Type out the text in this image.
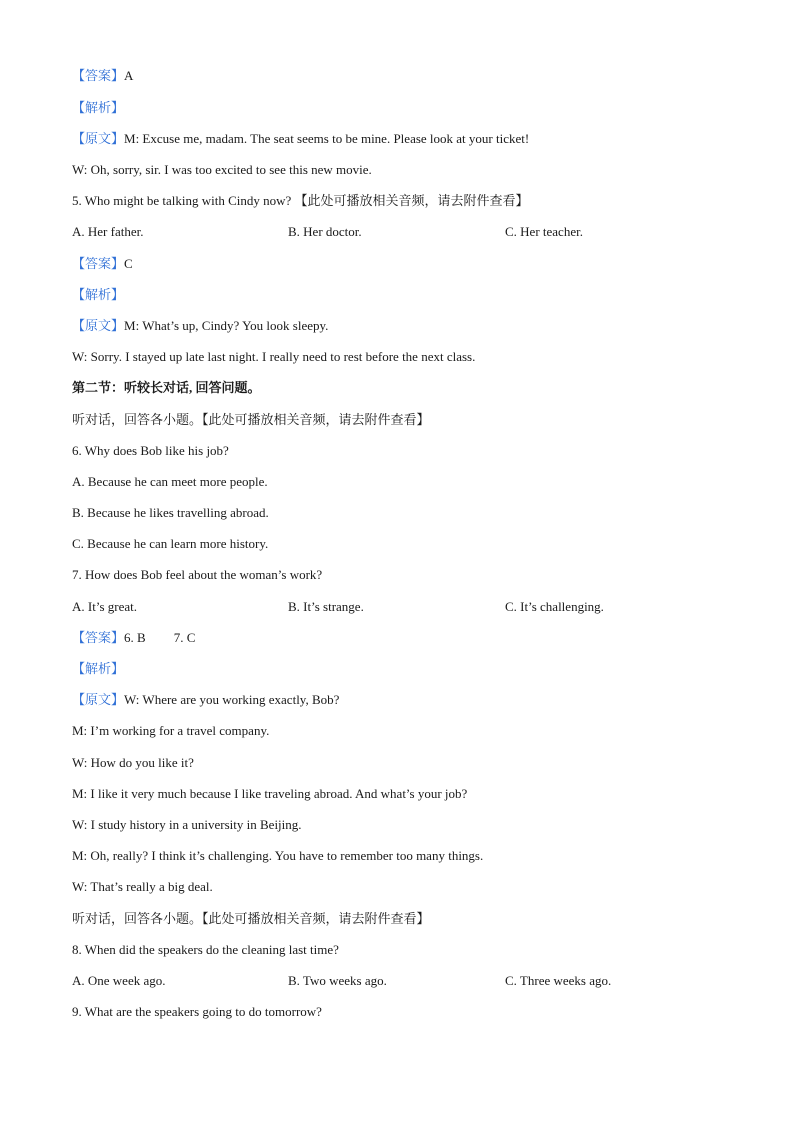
【答案】A
【解析】
【原文】M: Excuse me, madam. The seat seems to be mine. Please look at your ticket!
W: Oh, sorry, sir. I was too excited to see this new movie.
5. Who might be talking with Cindy now? 【此处可播放相关音频，请去附件查看】
A. Her father.	B. Her doctor.	C. Her teacher.
【答案】C
【解析】
【原文】M: What’s up, Cindy? You look sleepy.
W: Sorry. I stayed up late last night. I really need to rest before the next class.
第二节：听较长对话, 回答问题。
听对话，回答各小题。【此处可播放相关音频，请去附件查看】
6. Why does Bob like his job?
A. Because he can meet more people.
B. Because he likes travelling abroad.
C. Because he can learn more history.
7. How does Bob feel about the woman’s work?
A. It’s great.	B. It’s strange.	C. It’s challenging.
【答案】6. B 7. C
【解析】
【原文】W: Where are you working exactly, Bob?
M: I’m working for a travel company.
W: How do you like it?
M: I like it very much because I like traveling abroad. And what’s your job?
W: I study history in a university in Beijing.
M: Oh, really? I think it’s challenging. You have to remember too many things.
W: That’s really a big deal.
听对话，回答各小题。【此处可播放相关音频，请去附件查看】
8. When did the speakers do the cleaning last time?
A. One week ago.	B. Two weeks ago.	C. Three weeks ago.
9. What are the speakers going to do tomorrow?
